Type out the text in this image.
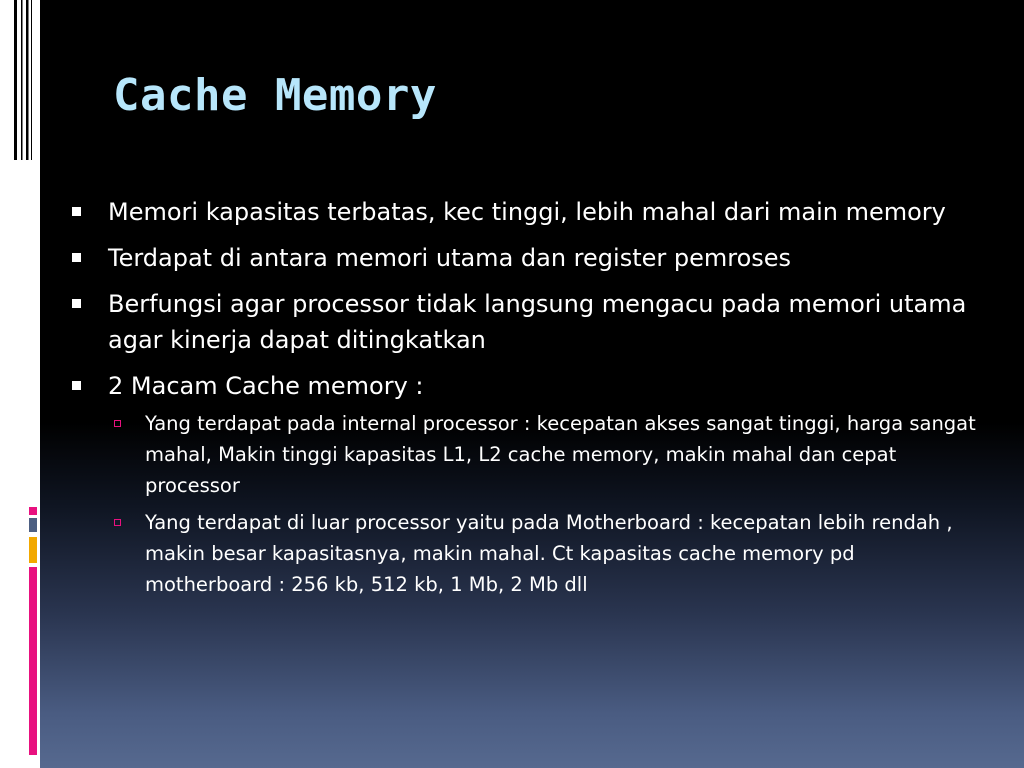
Cache Memory
Memori kapasitas terbatas, kec tinggi, lebih mahal dari main memory
Terdapat di antara memori utama dan register pemroses
Berfungsi agar processor tidak langsung mengacu pada memori utama agar kinerja dapat ditingkatkan
2 Macam Cache memory :
Yang terdapat pada internal processor : kecepatan akses sangat tinggi, harga sangat mahal, Makin tinggi kapasitas L1, L2 cache memory, makin mahal dan cepat processor
Yang terdapat di luar processor yaitu pada Motherboard : kecepatan lebih rendah , makin besar kapasitasnya, makin mahal. Ct kapasitas cache memory pd motherboard : 256 kb, 512 kb, 1 Mb, 2 Mb dll
